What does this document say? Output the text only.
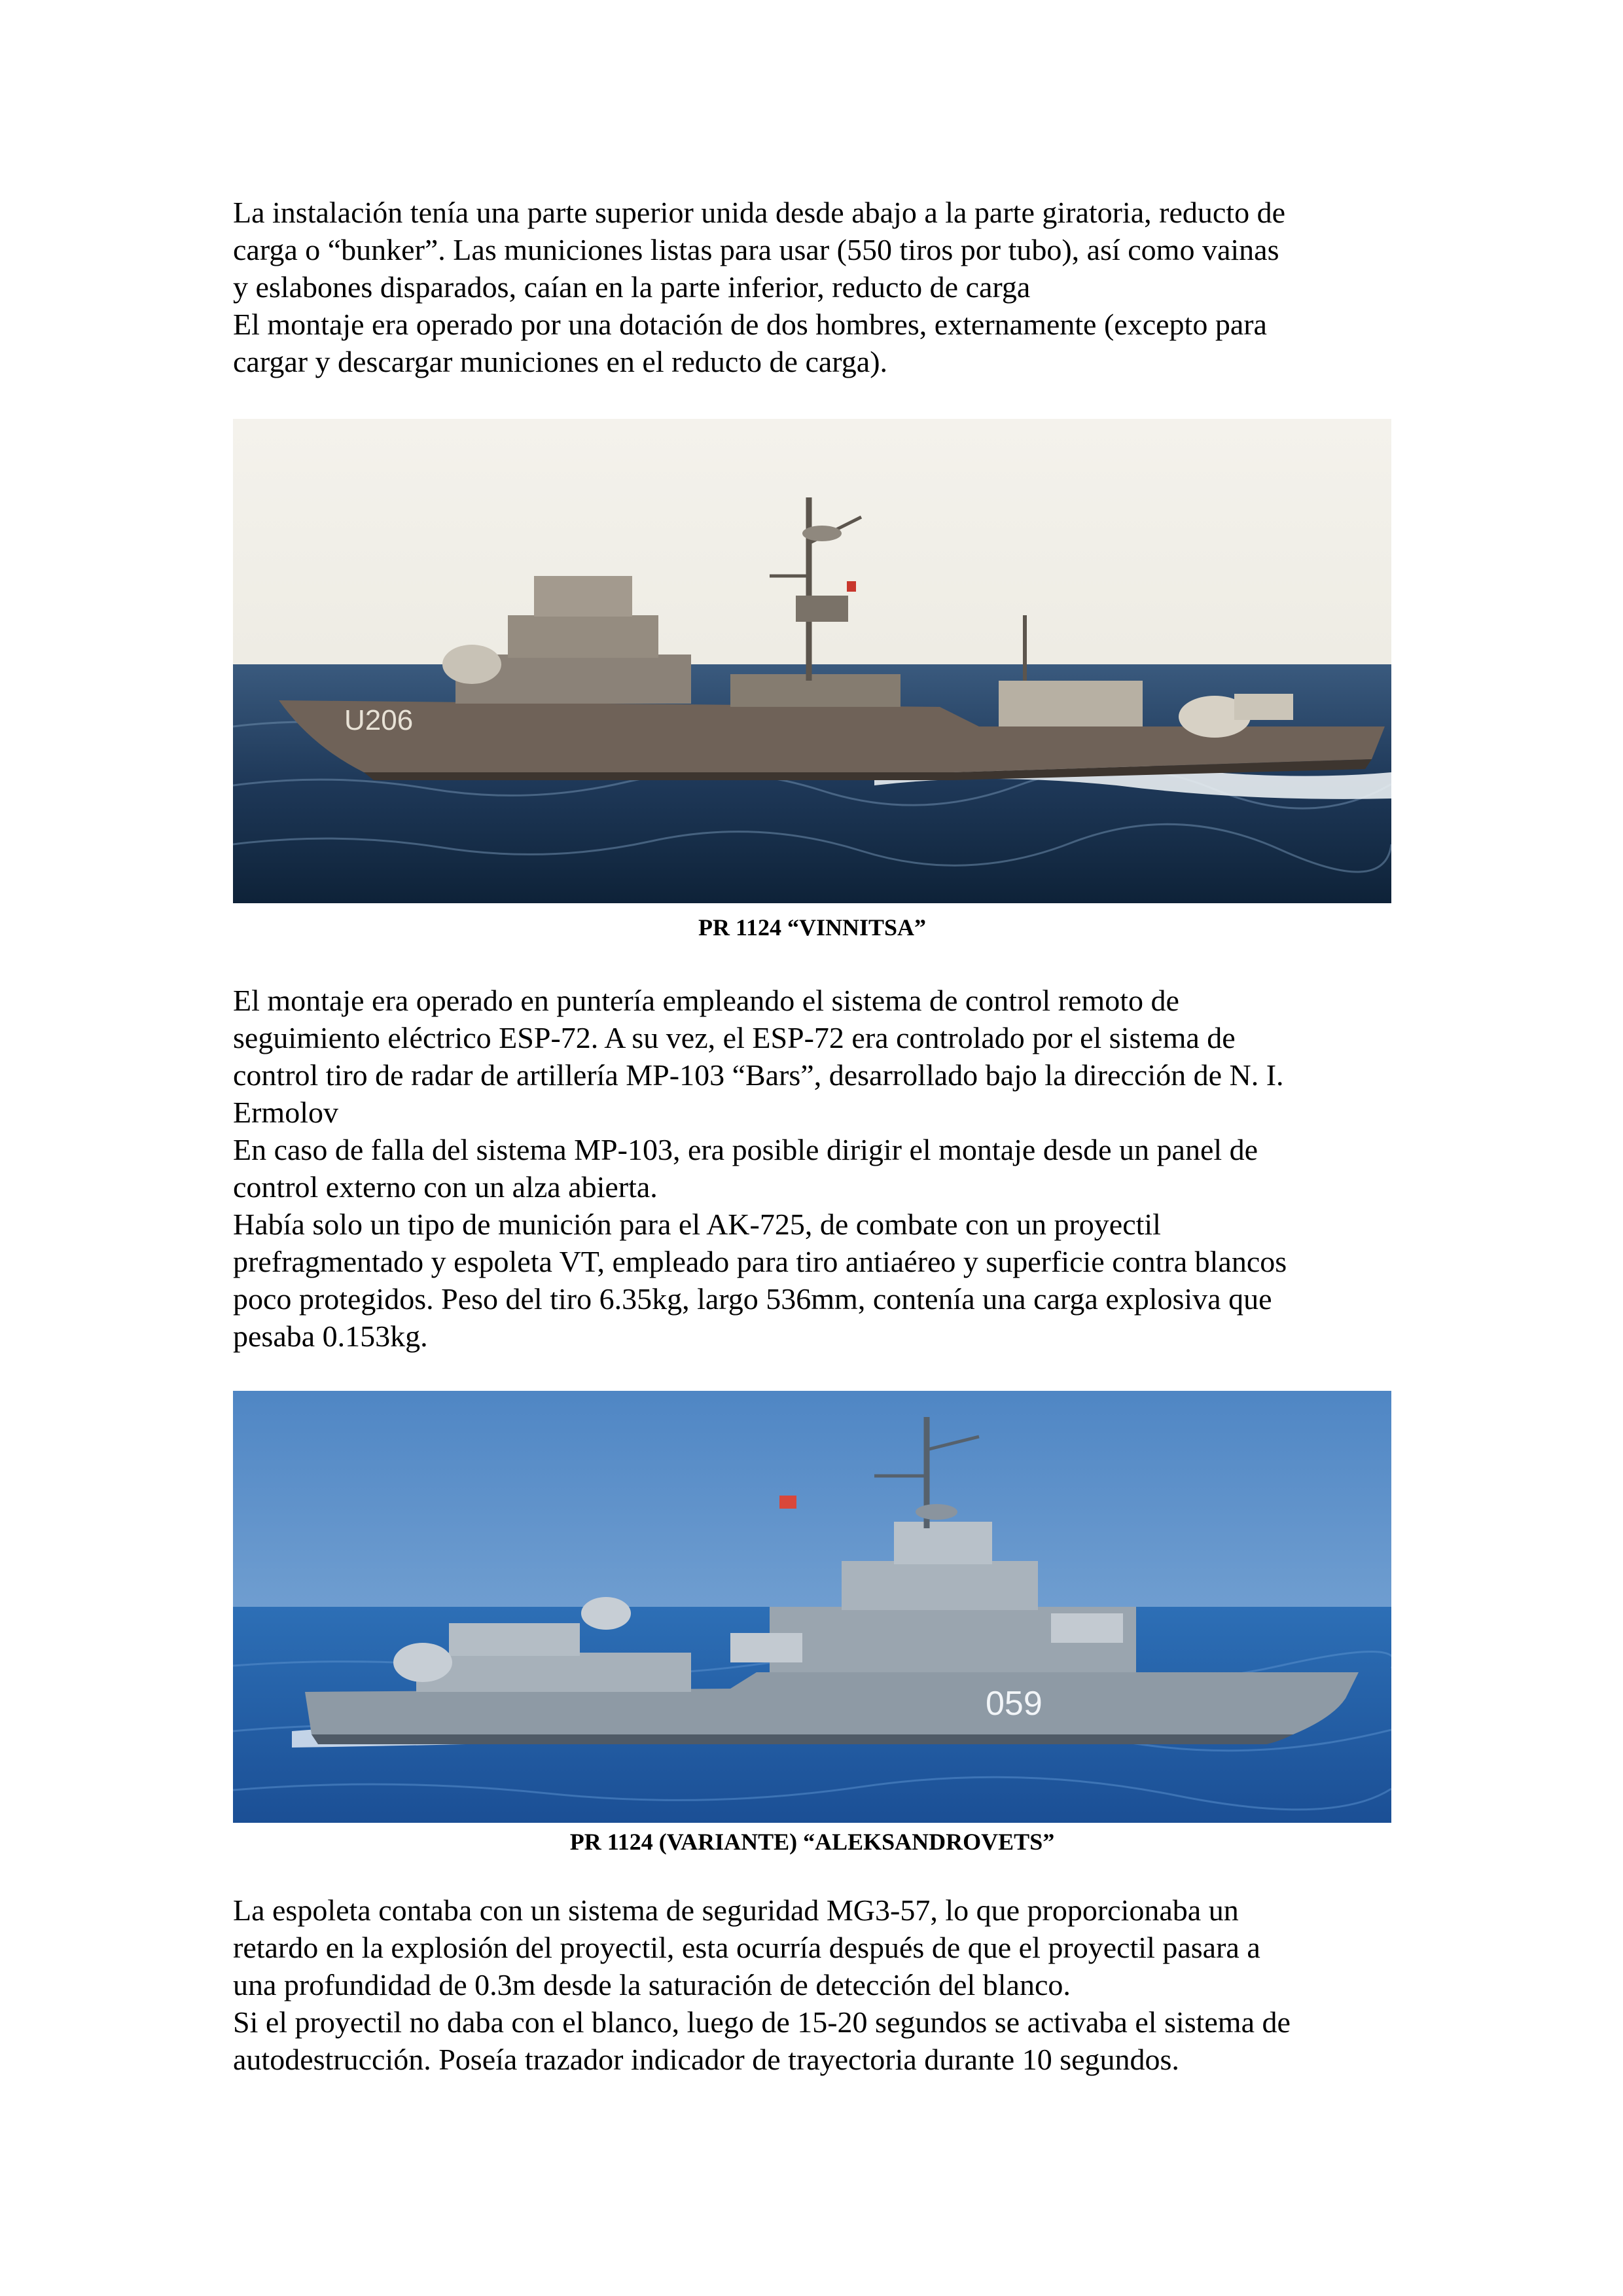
La instalación tenía una parte superior unida desde abajo a la parte giratoria, reducto de

carga o “bunker”. Las municiones listas para usar (550 tiros por tubo), así como vainas

y eslabones disparados, caían en la parte inferior, reducto de carga

El montaje era operado por una dotación de dos hombres, externamente (excepto para

cargar y descargar municiones en el reducto de carga).

U206

PR 1124 “VINNITSA”

El montaje era operado en puntería empleando el sistema de control remoto de

seguimiento eléctrico ESP-72. A su vez, el ESP-72 era controlado por el sistema de

control tiro de radar de artillería MP-103 “Bars”, desarrollado bajo la dirección de N. I.

Ermolov

En caso de falla del sistema MP-103, era posible dirigir el montaje desde un panel de

control externo con un alza abierta.

Había solo un tipo de munición para el AK-725, de combate con un proyectil

prefragmentado y espoleta VT, empleado para tiro antiaéreo y superficie contra blancos

poco protegidos. Peso del tiro 6.35kg, largo 536mm, contenía una carga explosiva que

pesaba 0.153kg.

059

PR 1124 (VARIANTE) “ALEKSANDROVETS”

La espoleta contaba con un sistema de seguridad MG3-57, lo que proporcionaba un

retardo en la explosión del proyectil, esta ocurría después de que el proyectil pasara a

una profundidad de 0.3m desde la saturación de detección del blanco.

Si el proyectil no daba con el blanco, luego de 15-20 segundos se activaba el sistema de

autodestrucción. Poseía trazador indicador de trayectoria durante 10 segundos.
